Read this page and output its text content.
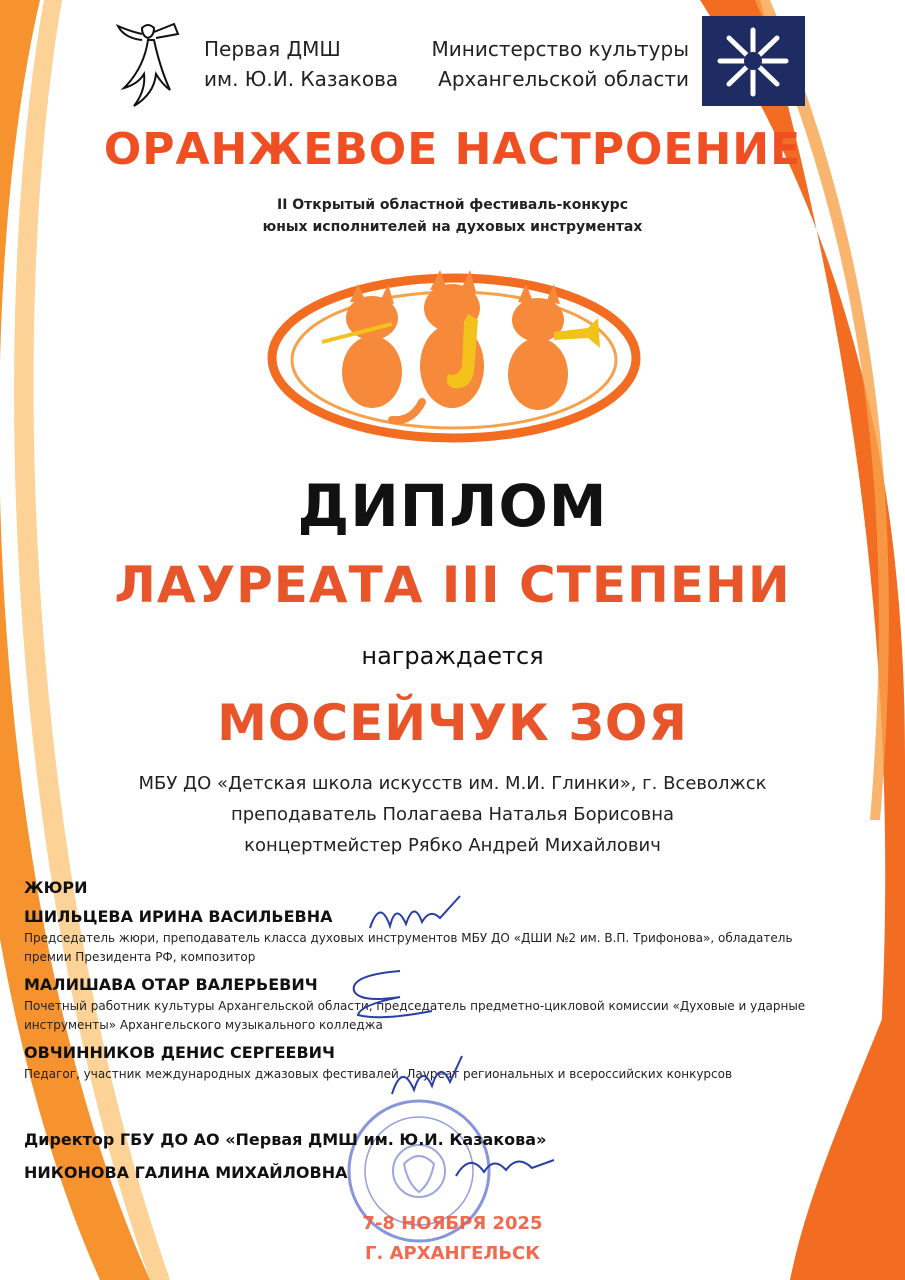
Первая ДМШ
им. Ю.И. Казакова
Министерство культуры
Архангельской области
ОРАНЖЕВОЕ НАСТРОЕНИЕ
II Открытый областной фестиваль-конкурс
юных исполнителей на духовых инструментах
ДИПЛОМ
ЛАУРЕАТА III СТЕПЕНИ
награждается
МОСЕЙЧУК ЗОЯ
МБУ ДО «Детская школа искусств им. М.И. Глинки», г. Всеволжск
преподаватель Полагаева Наталья Борисовна
концертмейстер Рябко Андрей Михайлович
ЖЮРИ
ШИЛЬЦЕВА ИРИНА ВАСИЛЬЕВНА
Председатель жюри, преподаватель класса духовых инструментов МБУ ДО «ДШИ №2 им. В.П. Трифонова», обладатель
премии Президента РФ, композитор
МАЛИШАВА ОТАР ВАЛЕРЬЕВИЧ
Почетный работник культуры Архангельской области, председатель предметно-цикловой комиссии «Духовые и ударные
инструменты» Архангельского музыкального колледжа
ОВЧИННИКОВ ДЕНИС СЕРГЕЕВИЧ
Педагог, участник международных джазовых фестивалей, Лауреат региональных и всероссийских конкурсов
Директор ГБУ ДО АО «Первая ДМШ им. Ю.И. Казакова»
НИКОНОВА ГАЛИНА МИХАЙЛОВНА
7-8 НОЯБРЯ 2025
Г. АРХАНГЕЛЬСК
